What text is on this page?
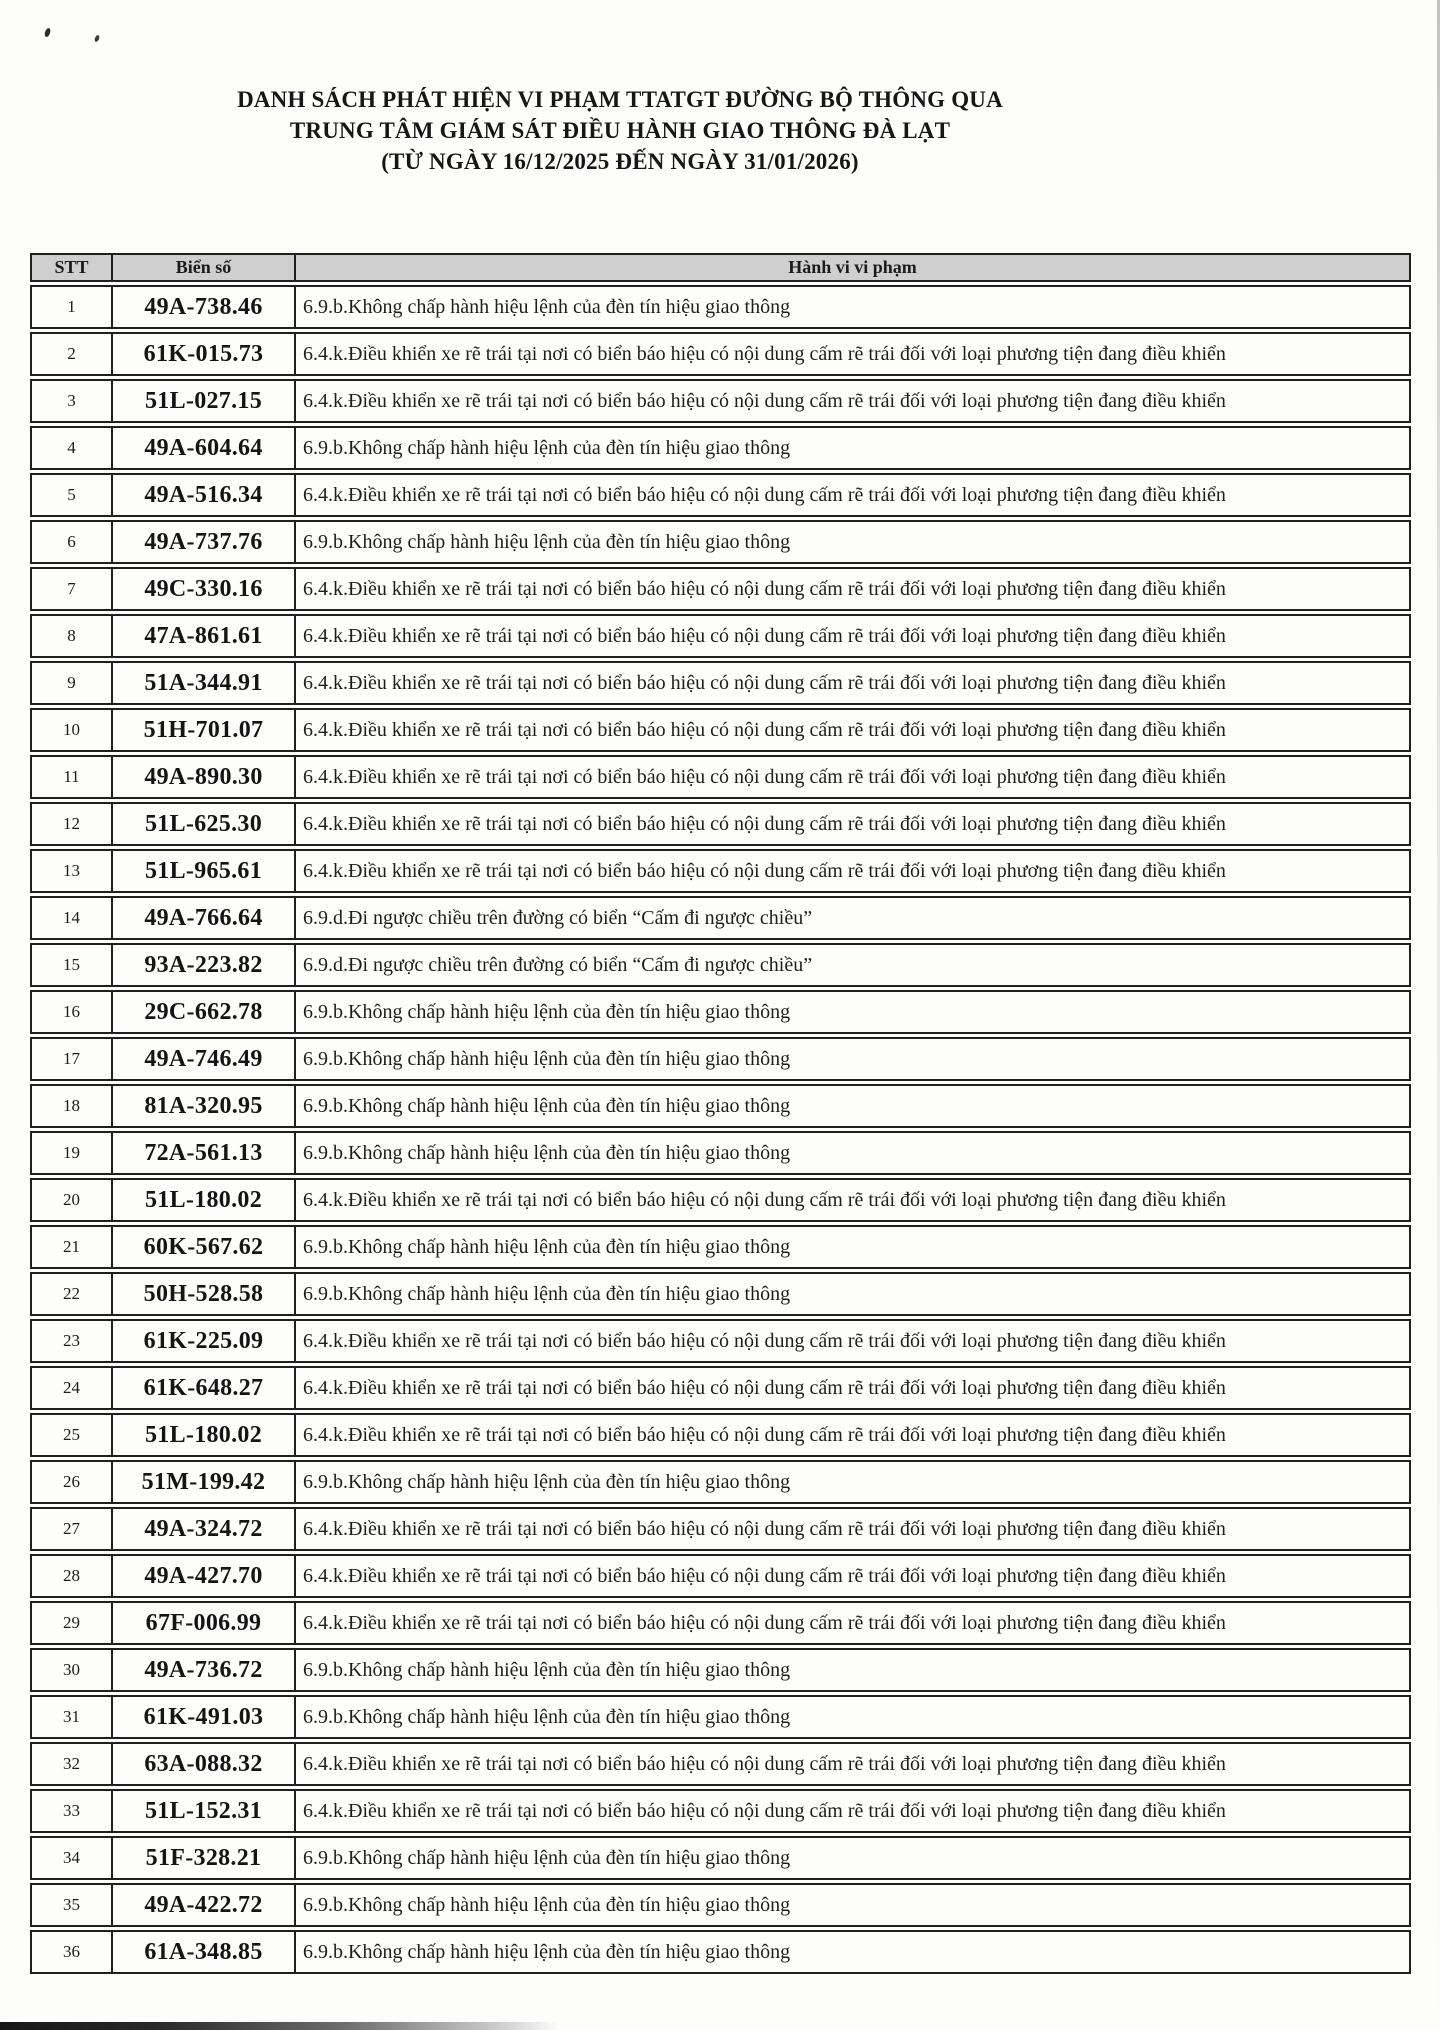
DANH SÁCH PHÁT HIỆN VI PHẠM TTATGT ĐƯỜNG BỘ THÔNG QUA
TRUNG TÂM GIÁM SÁT ĐIỀU HÀNH GIAO THÔNG ĐÀ LẠT
(TỪ NGÀY 16/12/2025 ĐẾN NGÀY 31/01/2026)
STT	Biển số	Hành vi vi phạm
1	49A-738.46	6.9.b.Không chấp hành hiệu lệnh của đèn tín hiệu giao thông
2	61K-015.73	6.4.k.Điều khiển xe rẽ trái tại nơi có biển báo hiệu có nội dung cấm rẽ trái đối với loại phương tiện đang điều khiển
3	51L-027.15	6.4.k.Điều khiển xe rẽ trái tại nơi có biển báo hiệu có nội dung cấm rẽ trái đối với loại phương tiện đang điều khiển
4	49A-604.64	6.9.b.Không chấp hành hiệu lệnh của đèn tín hiệu giao thông
5	49A-516.34	6.4.k.Điều khiển xe rẽ trái tại nơi có biển báo hiệu có nội dung cấm rẽ trái đối với loại phương tiện đang điều khiển
6	49A-737.76	6.9.b.Không chấp hành hiệu lệnh của đèn tín hiệu giao thông
7	49C-330.16	6.4.k.Điều khiển xe rẽ trái tại nơi có biển báo hiệu có nội dung cấm rẽ trái đối với loại phương tiện đang điều khiển
8	47A-861.61	6.4.k.Điều khiển xe rẽ trái tại nơi có biển báo hiệu có nội dung cấm rẽ trái đối với loại phương tiện đang điều khiển
9	51A-344.91	6.4.k.Điều khiển xe rẽ trái tại nơi có biển báo hiệu có nội dung cấm rẽ trái đối với loại phương tiện đang điều khiển
10	51H-701.07	6.4.k.Điều khiển xe rẽ trái tại nơi có biển báo hiệu có nội dung cấm rẽ trái đối với loại phương tiện đang điều khiển
11	49A-890.30	6.4.k.Điều khiển xe rẽ trái tại nơi có biển báo hiệu có nội dung cấm rẽ trái đối với loại phương tiện đang điều khiển
12	51L-625.30	6.4.k.Điều khiển xe rẽ trái tại nơi có biển báo hiệu có nội dung cấm rẽ trái đối với loại phương tiện đang điều khiển
13	51L-965.61	6.4.k.Điều khiển xe rẽ trái tại nơi có biển báo hiệu có nội dung cấm rẽ trái đối với loại phương tiện đang điều khiển
14	49A-766.64	6.9.d.Đi ngược chiều trên đường có biển “Cấm đi ngược chiều”
15	93A-223.82	6.9.d.Đi ngược chiều trên đường có biển “Cấm đi ngược chiều”
16	29C-662.78	6.9.b.Không chấp hành hiệu lệnh của đèn tín hiệu giao thông
17	49A-746.49	6.9.b.Không chấp hành hiệu lệnh của đèn tín hiệu giao thông
18	81A-320.95	6.9.b.Không chấp hành hiệu lệnh của đèn tín hiệu giao thông
19	72A-561.13	6.9.b.Không chấp hành hiệu lệnh của đèn tín hiệu giao thông
20	51L-180.02	6.4.k.Điều khiển xe rẽ trái tại nơi có biển báo hiệu có nội dung cấm rẽ trái đối với loại phương tiện đang điều khiển
21	60K-567.62	6.9.b.Không chấp hành hiệu lệnh của đèn tín hiệu giao thông
22	50H-528.58	6.9.b.Không chấp hành hiệu lệnh của đèn tín hiệu giao thông
23	61K-225.09	6.4.k.Điều khiển xe rẽ trái tại nơi có biển báo hiệu có nội dung cấm rẽ trái đối với loại phương tiện đang điều khiển
24	61K-648.27	6.4.k.Điều khiển xe rẽ trái tại nơi có biển báo hiệu có nội dung cấm rẽ trái đối với loại phương tiện đang điều khiển
25	51L-180.02	6.4.k.Điều khiển xe rẽ trái tại nơi có biển báo hiệu có nội dung cấm rẽ trái đối với loại phương tiện đang điều khiển
26	51M-199.42	6.9.b.Không chấp hành hiệu lệnh của đèn tín hiệu giao thông
27	49A-324.72	6.4.k.Điều khiển xe rẽ trái tại nơi có biển báo hiệu có nội dung cấm rẽ trái đối với loại phương tiện đang điều khiển
28	49A-427.70	6.4.k.Điều khiển xe rẽ trái tại nơi có biển báo hiệu có nội dung cấm rẽ trái đối với loại phương tiện đang điều khiển
29	67F-006.99	6.4.k.Điều khiển xe rẽ trái tại nơi có biển báo hiệu có nội dung cấm rẽ trái đối với loại phương tiện đang điều khiển
30	49A-736.72	6.9.b.Không chấp hành hiệu lệnh của đèn tín hiệu giao thông
31	61K-491.03	6.9.b.Không chấp hành hiệu lệnh của đèn tín hiệu giao thông
32	63A-088.32	6.4.k.Điều khiển xe rẽ trái tại nơi có biển báo hiệu có nội dung cấm rẽ trái đối với loại phương tiện đang điều khiển
33	51L-152.31	6.4.k.Điều khiển xe rẽ trái tại nơi có biển báo hiệu có nội dung cấm rẽ trái đối với loại phương tiện đang điều khiển
34	51F-328.21	6.9.b.Không chấp hành hiệu lệnh của đèn tín hiệu giao thông
35	49A-422.72	6.9.b.Không chấp hành hiệu lệnh của đèn tín hiệu giao thông
36	61A-348.85	6.9.b.Không chấp hành hiệu lệnh của đèn tín hiệu giao thông
